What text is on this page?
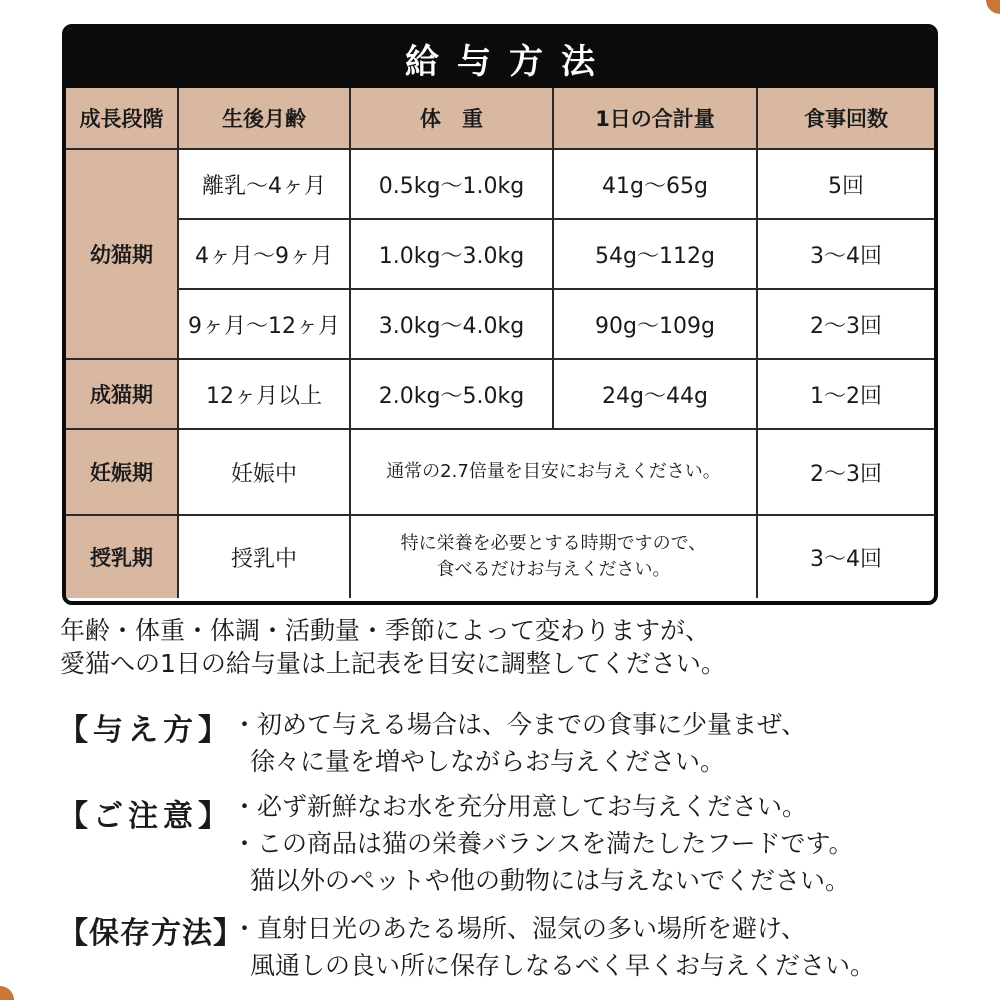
給与方法
成長段階	生後月齢	体　重	1日の合計量	食事回数
幼猫期	離乳～4ヶ月	0.5kg～1.0kg	41g～65g	5回
	4ヶ月～9ヶ月	1.0kg～3.0kg	54g～112g	3～4回
	9ヶ月～12ヶ月	3.0kg～4.0kg	90g～109g	2～3回
成猫期	12ヶ月以上	2.0kg～5.0kg	24g～44g	1～2回
妊娠期	妊娠中	通常の2.7倍量を目安にお与えください。		2～3回
授乳期	授乳中	特に栄養を必要とする時期ですので、
食べるだけお与えください。		3～4回
年齢・体重・体調・活動量・季節によって変わりますが、
愛猫への1日の給与量は上記表を目安に調整してください。
【与え方】 ・初めて与える場合は、今までの食事に少量まぜ、
徐々に量を増やしながらお与えください。
【ご注意】 ・必ず新鮮なお水を充分用意してお与えください。
・この商品は猫の栄養バランスを満たしたフードです。
猫以外のペットや他の動物には与えないでください。
【保存方法】
・直射日光のあたる場所、湿気の多い場所を避け、
風通しの良い所に保存しなるべく早くお与えください。
